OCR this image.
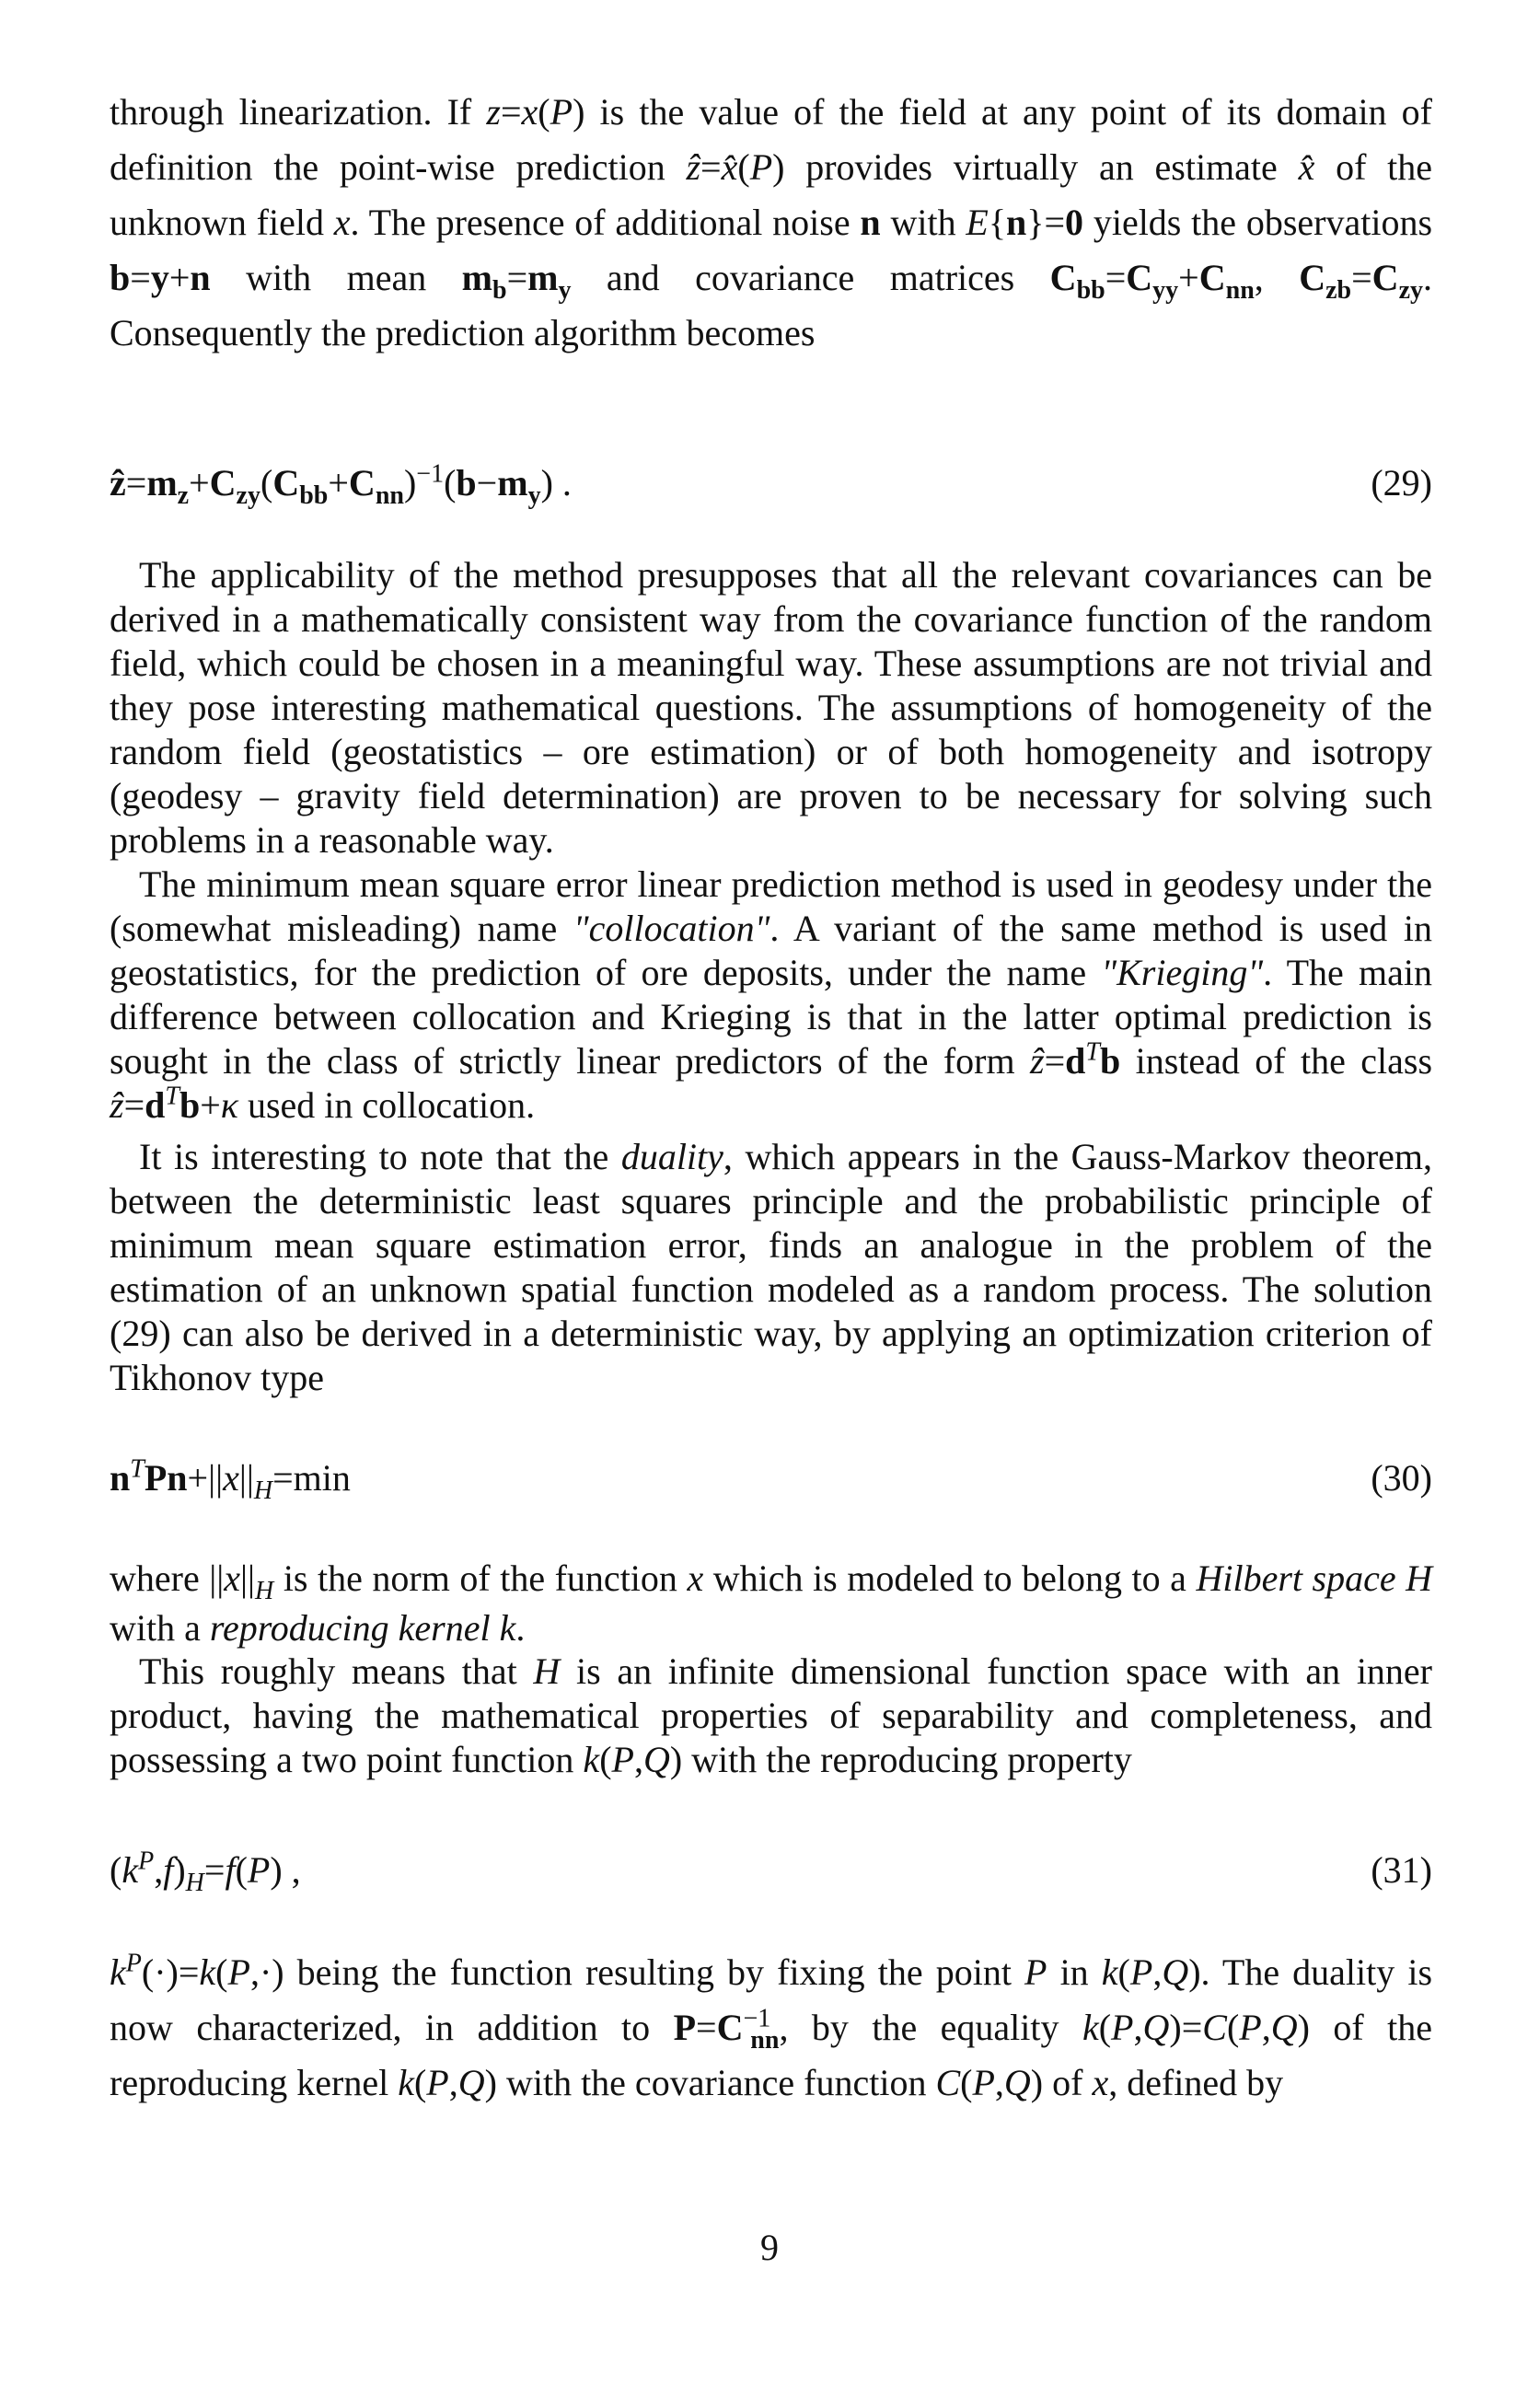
through linearization. If z=x(P) is the value of the field at any point of its domain of definition the point-wise prediction ẑ=x̂(P) provides virtually an estimate x̂ of the unknown field x. The presence of additional noise n with E{n}=0 yields the observations b=y+n with mean $m_b=m_y$ and covariance matrices $C_{bb}=C_{yy}+C_{nn}$, $C_{zb}=C_{zy}$. Consequently the prediction algorithm becomes

$ẑ=m_z+C_{zy}(C_{bb}+C_{nn})^{-1}(b-m_y)$ .	(29)

The applicability of the method presupposes that all the relevant covariances can be derived in a mathematically consistent way from the covariance function of the random field, which could be chosen in a meaningful way. These assumptions are not trivial and they pose interesting mathematical questions. The assumptions of homogeneity of the random field (geostatistics – ore estimation) or of both homogeneity and isotropy (geodesy – gravity field determination) are proven to be necessary for solving such problems in a reasonable way.

The minimum mean square error linear prediction method is used in geodesy under the (somewhat misleading) name "collocation". A variant of the same method is used in geostatistics, for the prediction of ore deposits, under the name "Krieging". The main difference between collocation and Krieging is that in the latter optimal prediction is sought in the class of strictly linear predictors of the form $ẑ=d^Tb$ instead of the class $ẑ=d^Tb+\kappa$ used in collocation.

It is interesting to note that the duality, which appears in the Gauss-Markov theorem, between the deterministic least squares principle and the probabilistic principle of minimum mean square estimation error, finds an analogue in the problem of the estimation of an unknown spatial function modeled as a random process. The solution (29) can also be derived in a deterministic way, by applying an optimization criterion of Tikhonov type

$n^TPn+||x||_H=\min$	(30)

where $||x||_H$ is the norm of the function x which is modeled to belong to a Hilbert space H with a reproducing kernel k.

This roughly means that H is an infinite dimensional function space with an inner product, having the mathematical properties of separability and completeness, and possessing a two point function k(P,Q) with the reproducing property

$(k^P,f)_H=f(P)$ ,	(31)

$k^P(\cdot)=k(P,\cdot)$ being the function resulting by fixing the point P in k(P,Q). The duality is now characterized, in addition to $P=C^{-1}_{nn}$, by the equality k(P,Q)=C(P,Q) of the reproducing kernel k(P,Q) with the covariance function C(P,Q) of x, defined by

9
